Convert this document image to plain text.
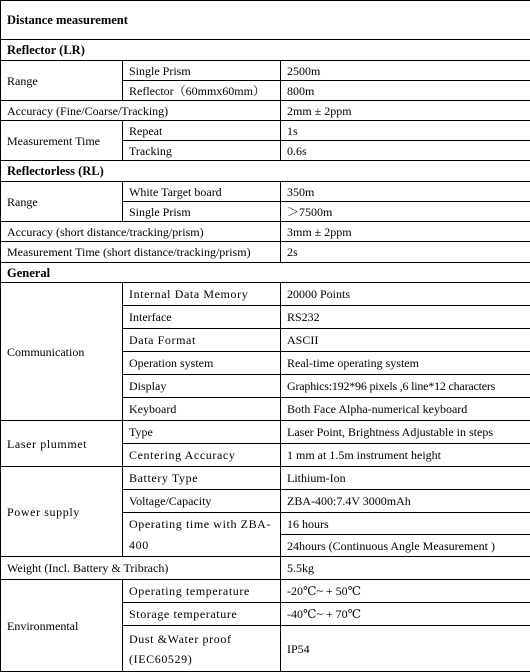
Distance measurement		
Reflector (LR)		
Range	Single Prism	2500m
	Reflector（60mmx60mm）	800m
Accuracy (Fine/Coarse/Tracking)		2mm ± 2ppm
Measurement Time	Repeat	1s
	Tracking	0.6s
Reflectorless (RL)		
Range	White Target board	350m
	Single Prism	＞7500m
Accuracy (short distance/tracking/prism)		3mm ± 2ppm
Measurement Time (short distance/tracking/prism)		2s
General		
Communication	Internal Data Memory	20000 Points
	Interface	RS232
	Data Format	ASCII
	Operation system	Real-time operating system
	Display	Graphics:192*96 pixels ,6 line*12 characters
	Keyboard	Both Face Alpha-numerical keyboard
Laser plummet	Type	Laser Point, Brightness Adjustable in steps
	Centering Accuracy	1 mm at 1.5m instrument height
Power supply	Battery Type	Lithium-Ion
	Voltage/Capacity	ZBA-400:7.4V 3000mAh
	Operating time with ZBA-400	16 hours
		24hours (Continuous Angle Measurement )
Weight (Incl. Battery & Tribrach)		5.5kg
Environmental	Operating temperature	-20℃~ + 50℃
	Storage temperature	-40℃~ + 70℃
	Dust &Water proof (IEC60529)	IP54
